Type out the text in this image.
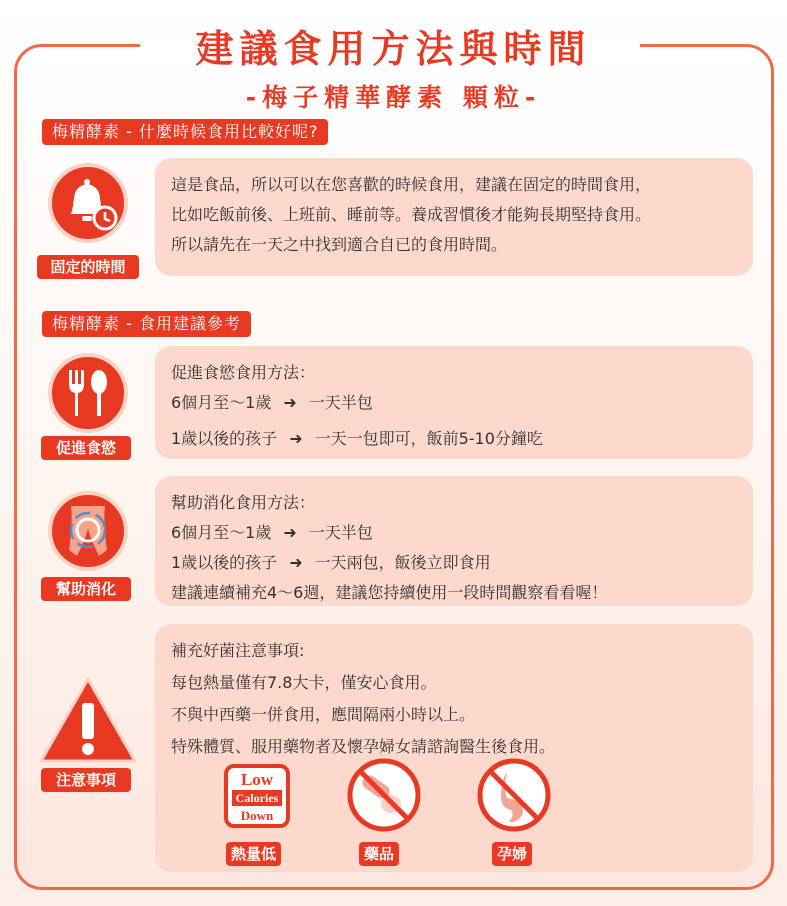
建議食用方法與時間
-梅子精華酵素 顆粒-
梅精酵素 - 什麼時候食用比較好呢?
固定的時間
這是食品，所以可以在您喜歡的時候食用，建議在固定的時間食用，
比如吃飯前後、上班前、睡前等。養成習慣後才能夠長期堅持食用。
所以請先在一天之中找到適合自已的食用時間。
梅精酵素 - 食用建議參考
促進食慾
促進食慾食用方法：
6個月至～1歲 ➜ 一天半包
1歲以後的孩子 ➜ 一天一包即可，飯前5-10分鐘吃
幫助消化
幫助消化食用方法：
6個月至～1歲 ➜ 一天半包
1歲以後的孩子 ➜ 一天兩包，飯後立即食用
建議連續補充4～6週，建議您持續使用一段時間觀察看看喔！
注意事項
補充好菌注意事項:
每包熱量僅有7.8大卡，僅安心食用。
不與中西藥一併食用，應間隔兩小時以上。
特殊體質、服用藥物者及懷孕婦女請諮詢醫生後食用。
Low
Calories
Down
熱量低	藥品	孕婦
